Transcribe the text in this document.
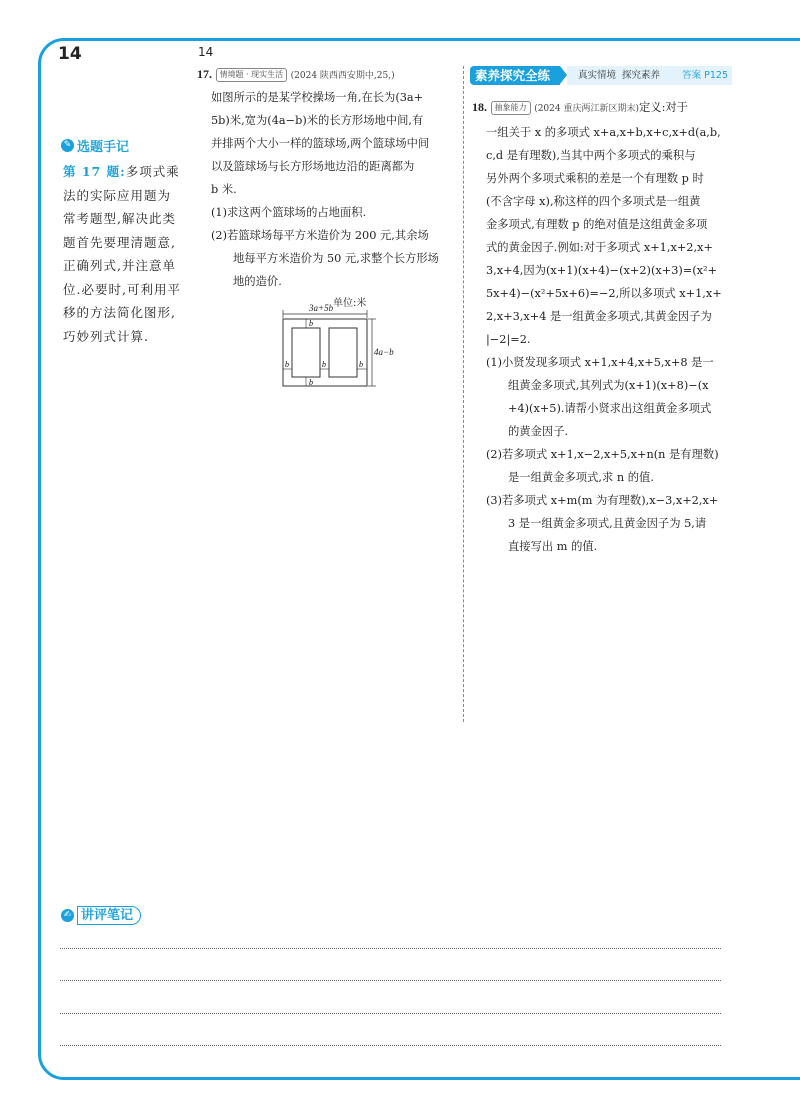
14	14
✎ 选题手记
第 17 题:多项式乘法的实际应用题为常考题型,解决此类题首先要理清题意,正确列式,并注意单位.必要时,可利用平移的方法简化图形,巧妙列式计算.
17. 情境题 · 现实生活 (2024 陕西西安期中,25,)
如图所示的是某学校操场一角,在长为(3a+
5b)米,宽为(4a−b)米的长方形场地中间,有
并排两个大小一样的篮球场,两个篮球场中间
以及篮球场与长方形场地边沿的距离都为
b 米.
(1)求这两个篮球场的占地面积.
(2)若篮球场每平方米造价为 200 元,其余场
地每平方米造价为 50 元,求整个长方形场
地的造价.
单位:米
3a+5b
b
b
b	b	b
4a−b
素养探究全练	真实情境 探究素养 答案 P125
18. 抽象能力 (2024 重庆两江新区期末)定义:对于
一组关于 x 的多项式 x+a,x+b,x+c,x+d(a,b,
c,d 是有理数),当其中两个多项式的乘积与
另外两个多项式乘积的差是一个有理数 p 时
(不含字母 x),称这样的四个多项式是一组黄
金多项式,有理数 p 的绝对值是这组黄金多项
式的黄金因子.例如:对于多项式 x+1,x+2,x+
3,x+4,因为(x+1)(x+4)−(x+2)(x+3)=(x²+
5x+4)−(x²+5x+6)=−2,所以多项式 x+1,x+
2,x+3,x+4 是一组黄金多项式,其黄金因子为
|−2|=2.
(1)小贤发现多项式 x+1,x+4,x+5,x+8 是一
组黄金多项式,其列式为(x+1)(x+8)−(x
+4)(x+5).请帮小贤求出这组黄金多项式
的黄金因子.
(2)若多项式 x+1,x−2,x+5,x+n(n 是有理数)
是一组黄金多项式,求 n 的值.
(3)若多项式 x+m(m 为有理数),x−3,x+2,x+
3 是一组黄金多项式,且黄金因子为 5,请
直接写出 m 的值.
✍ 讲评笔记
